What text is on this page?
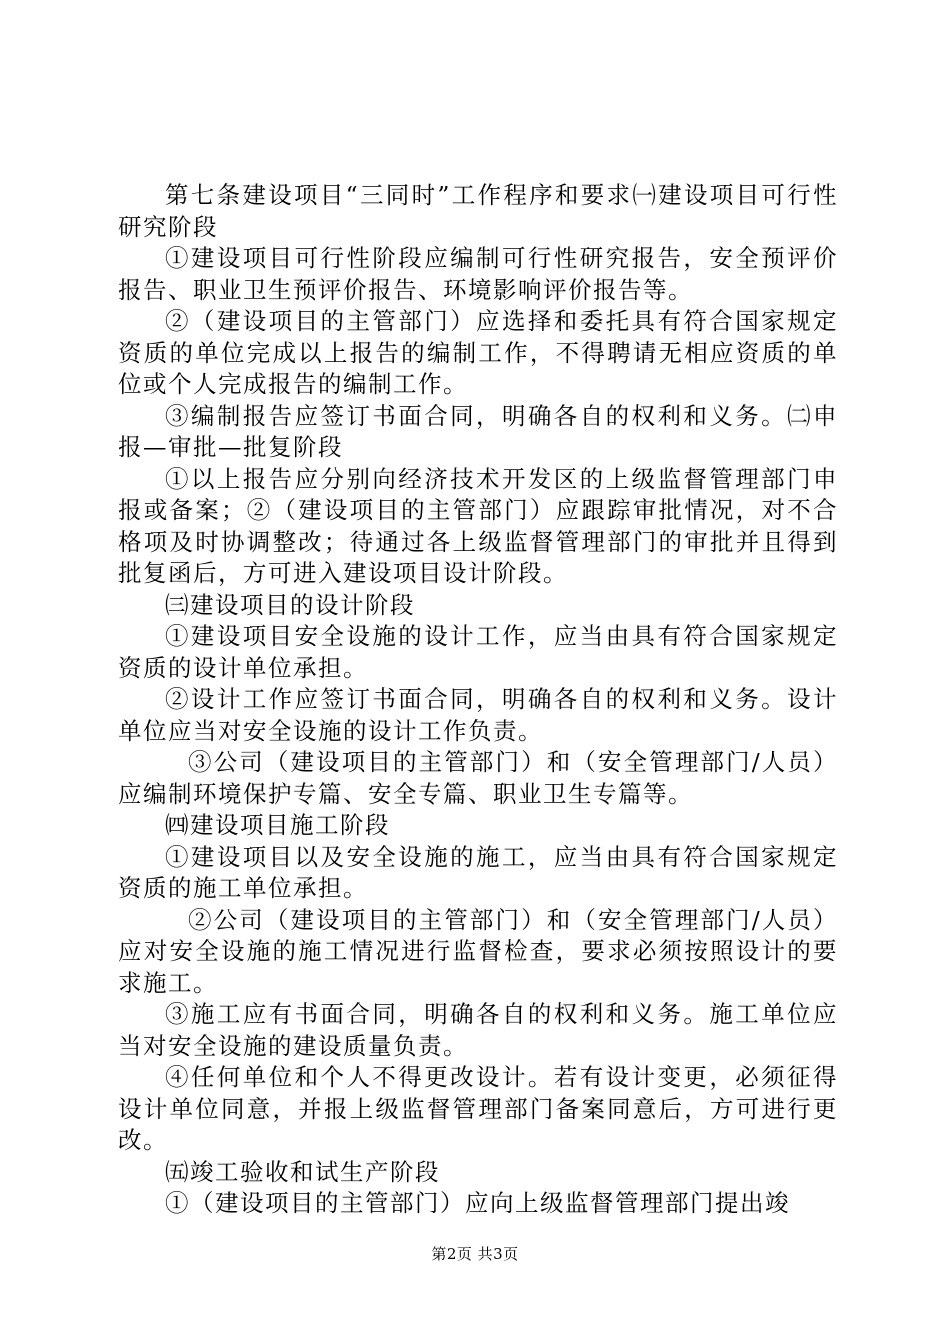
第七条建设项目“三同时”工作程序和要求㈠建设项目可行性研究阶段

①建设项目可行性阶段应编制可行性研究报告，安全预评价报告、职业卫生预评价报告、环境影响评价报告等。

②（建设项目的主管部门）应选择和委托具有符合国家规定资质的单位完成以上报告的编制工作，不得聘请无相应资质的单位或个人完成报告的编制工作。

③编制报告应签订书面合同，明确各自的权利和义务。㈡申报—审批—批复阶段

①以上报告应分别向经济技术开发区的上级监督管理部门申报或备案；②（建设项目的主管部门）应跟踪审批情况，对不合格项及时协调整改；待通过各上级监督管理部门的审批并且得到批复函后，方可进入建设项目设计阶段。

㈢建设项目的设计阶段

①建设项目安全设施的设计工作，应当由具有符合国家规定资质的设计单位承担。

②设计工作应签订书面合同，明确各自的权利和义务。设计单位应当对安全设施的设计工作负责。

③公司（建设项目的主管部门）和（安全管理部门/人员）应编制环境保护专篇、安全专篇、职业卫生专篇等。

㈣建设项目施工阶段

①建设项目以及安全设施的施工，应当由具有符合国家规定资质的施工单位承担。

②公司（建设项目的主管部门）和（安全管理部门/人员）应对安全设施的施工情况进行监督检查，要求必须按照设计的要求施工。

③施工应有书面合同，明确各自的权利和义务。施工单位应当对安全设施的建设质量负责。

④任何单位和个人不得更改设计。若有设计变更，必须征得设计单位同意，并报上级监督管理部门备案同意后，方可进行更改。

㈤竣工验收和试生产阶段

①（建设项目的主管部门）应向上级监督管理部门提出竣

第2页 共3页
